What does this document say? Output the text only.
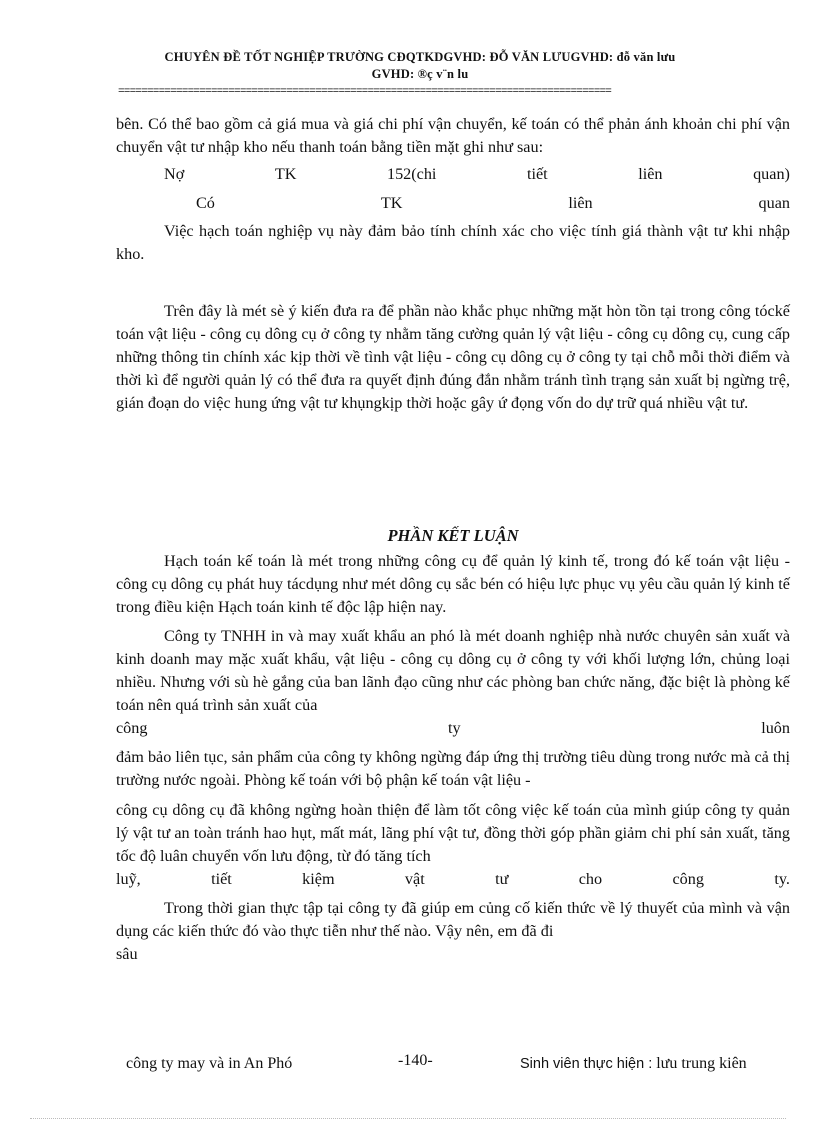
CHUYÊN ĐỀ TỐT NGHIỆP TRƯỜNG CĐQTKDGVHD: ĐỖ VĂN LƯUGVHD: đỗ văn lưu
GVHD: ®ç v¨n lu
=====================================================================================

bên. Có thể bao gồm cả giá mua và giá chi phí vận chuyển, kế toán có thể phản ánh khoản chi phí vận chuyển vật tư nhập kho nếu thanh toán bằng tiền mặt ghi như sau:

Nợ	TK	152(chi	tiết	liên	quan)
Có	TK	liên	quan

Việc hạch toán nghiệp vụ này đảm bảo tính chính xác cho việc tính giá thành vật tư khi nhập kho.

Trên đây là mét sè ý kiến đưa ra để phần nào khắc phục những mặt hòn tồn tại trong công tóckế toán vật liệu - công cụ dông cụ ở công ty nhằm tăng cường quản lý vật liệu - công cụ dông cụ, cung cấp những thông tin chính xác kịp thời về tình vật liệu - công cụ dông cụ ở công ty tại chỗ mỗi thời điểm và thời kì để người quản lý có thể đưa ra quyết định đúng đắn nhằm tránh tình trạng sản xuất bị ngừng trệ, gián đoạn do việc hung ứng vật tư khụngkịp thời hoặc gây ứ đọng vốn do dự trữ quá nhiều vật tư.

PHẦN KẾT LUẬN

Hạch toán kế toán là mét trong những công cụ để quản lý kinh tế, trong đó kế toán vật liệu - công cụ dông cụ phát huy tácdụng như mét dông cụ sắc bén có hiệu lực phục vụ yêu cầu quản lý kinh tế trong điều kiện Hạch toán kinh tế độc lập hiện nay.

Công ty TNHH in và may xuất khẩu an phó là mét doanh nghiệp nhà nước chuyên sản xuất và kinh doanh may mặc xuất khẩu, vật liệu - công cụ dông cụ ở công ty với khối lượng lớn, chủng loại nhiều. Nhưng với sù hè gắng của ban lãnh đạo cũng như các phòng ban chức năng, đặc biệt là phòng kế toán nên quá trình sản xuất của

công	ty	luôn

đảm bảo liên tục, sản phẩm của công ty không ngừng đáp ứng thị trường tiêu dùng trong nước mà cả thị trường nước ngoài. Phòng kế toán với bộ phận kế toán vật liệu -

công cụ dông cụ đã không ngừng hoàn thiện để làm tốt công việc kế toán của mình giúp công ty quản lý vật tư an toàn tránh hao hụt, mất mát, lãng phí vật tư, đồng thời góp phần giảm chi phí sản xuất, tăng tốc độ luân chuyển vốn lưu động, từ đó tăng tích

luỹ,	tiết	kiệm	vật	tư	cho	công	ty.

Trong thời gian thực tập tại công ty đã giúp em củng cố kiến thức về lý thuyết của mình và vận dụng các kiến thức đó vào thực tiễn như thế nào. Vậy nên, em đã đi

sâu

công ty may và in An Phó	-140-	Sinh viên thực hiện : lưu trung kiên
